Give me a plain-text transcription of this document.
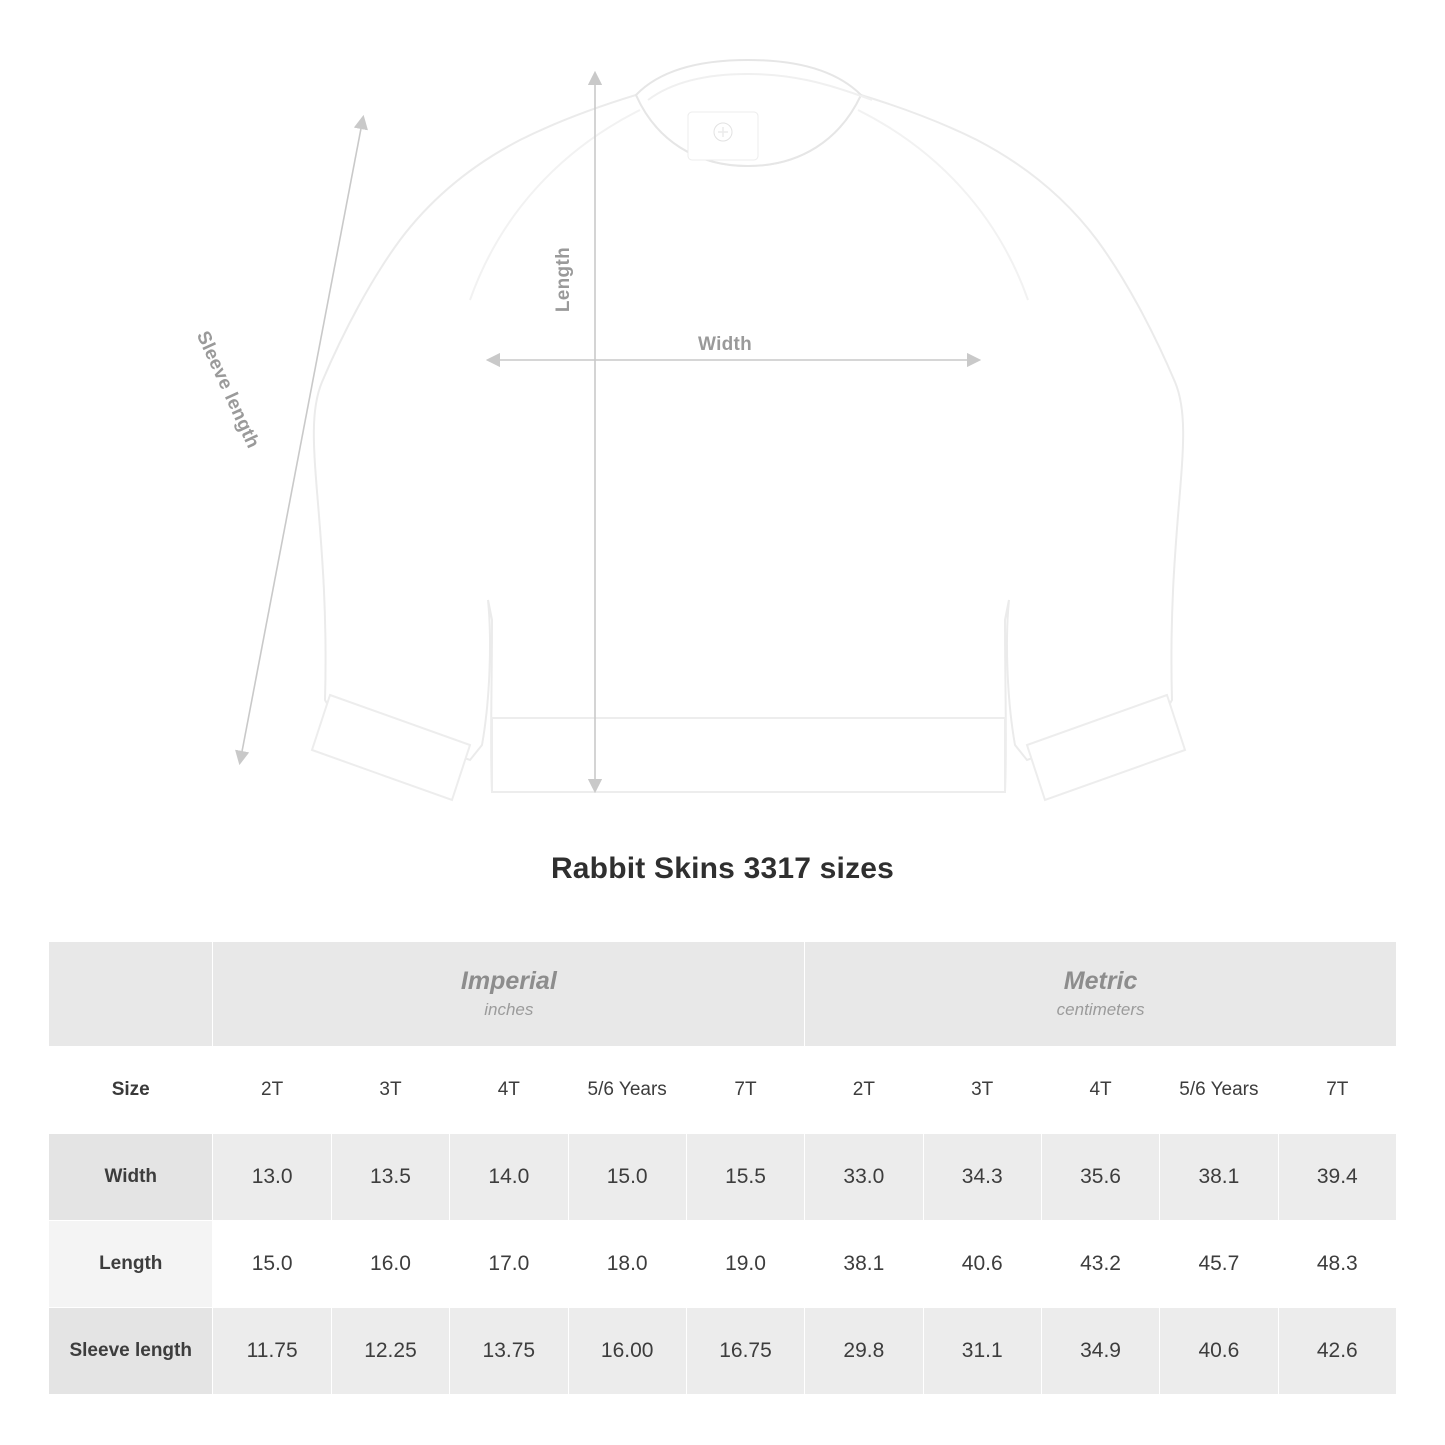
Width
Length
Sleeve length
Rabbit Skins 3317 sizes

Imperial
inches

Metric
centimeters

Size	2T	3T	4T	5/6 Years	7T	2T	3T	4T	5/6 Years	7T
Width	13.0	13.5	14.0	15.0	15.5	33.0	34.3	35.6	38.1	39.4
Length	15.0	16.0	17.0	18.0	19.0	38.1	40.6	43.2	45.7	48.3
Sleeve length	11.75	12.25	13.75	16.00	16.75	29.8	31.1	34.9	40.6	42.6
